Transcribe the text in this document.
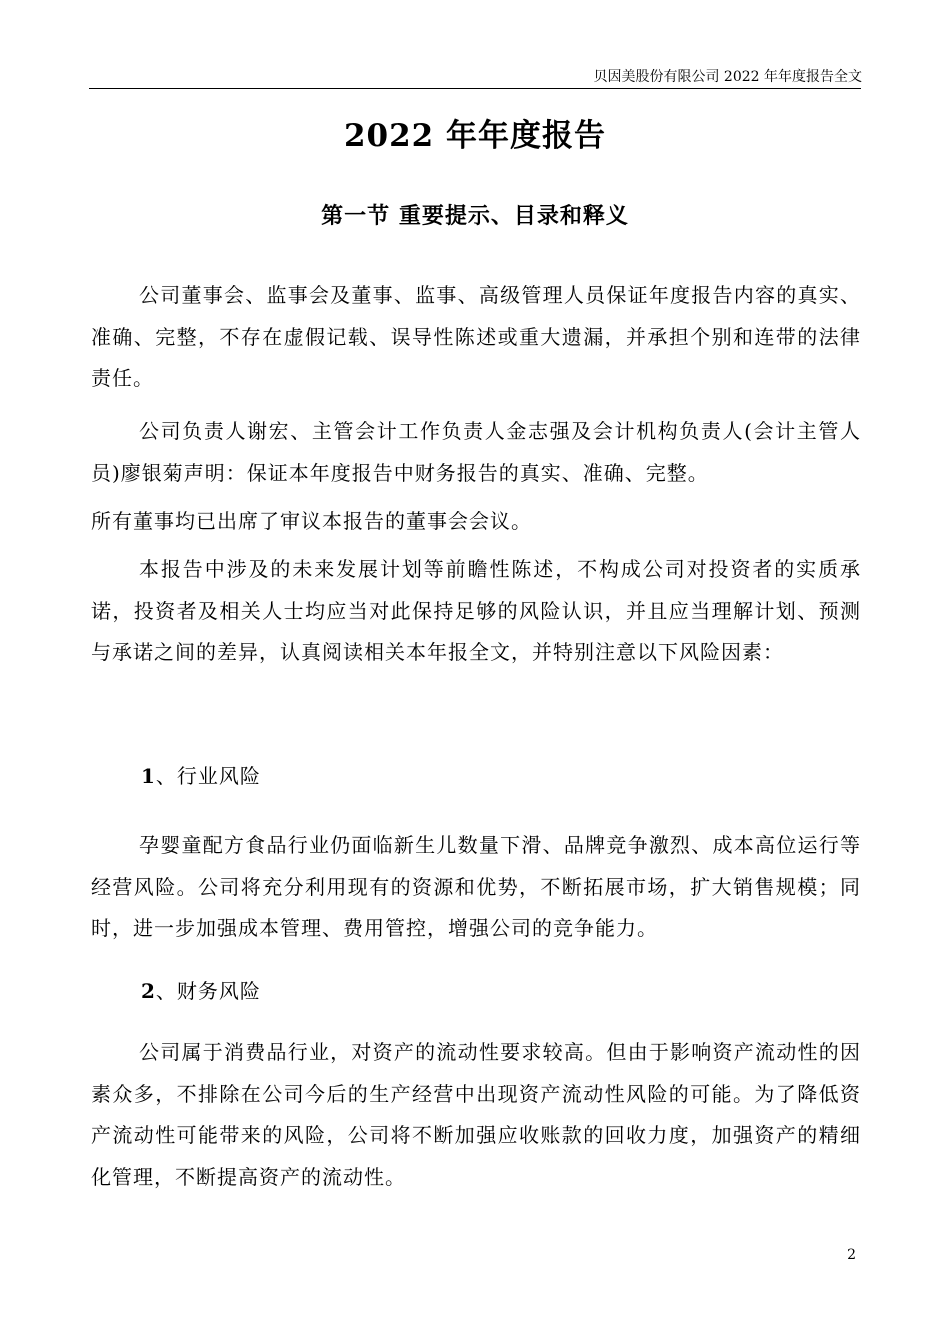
贝因美股份有限公司 2022 年年度报告全文
2022 年年度报告
第一节 重要提示、目录和释义

公司董事会、监事会及董事、监事、高级管理人员保证年度报告内容的真实、准确、完整，不存在虚假记载、误导性陈述或重大遗漏，并承担个别和连带的法律责任。

公司负责人谢宏、主管会计工作负责人金志强及会计机构负责人(会计主管人员)廖银菊声明：保证本年度报告中财务报告的真实、准确、完整。

所有董事均已出席了审议本报告的董事会会议。

本报告中涉及的未来发展计划等前瞻性陈述，不构成公司对投资者的实质承诺，投资者及相关人士均应当对此保持足够的风险认识，并且应当理解计划、预测与承诺之间的差异，认真阅读相关本年报全文，并特别注意以下风险因素：

1、行业风险

孕婴童配方食品行业仍面临新生儿数量下滑、品牌竞争激烈、成本高位运行等经营风险。公司将充分利用现有的资源和优势，不断拓展市场，扩大销售规模；同时，进一步加强成本管理、费用管控，增强公司的竞争能力。

2、财务风险

公司属于消费品行业，对资产的流动性要求较高。但由于影响资产流动性的因素众多，不排除在公司今后的生产经营中出现资产流动性风险的可能。为了降低资产流动性可能带来的风险，公司将不断加强应收账款的回收力度，加强资产的精细化管理，不断提高资产的流动性。

2
